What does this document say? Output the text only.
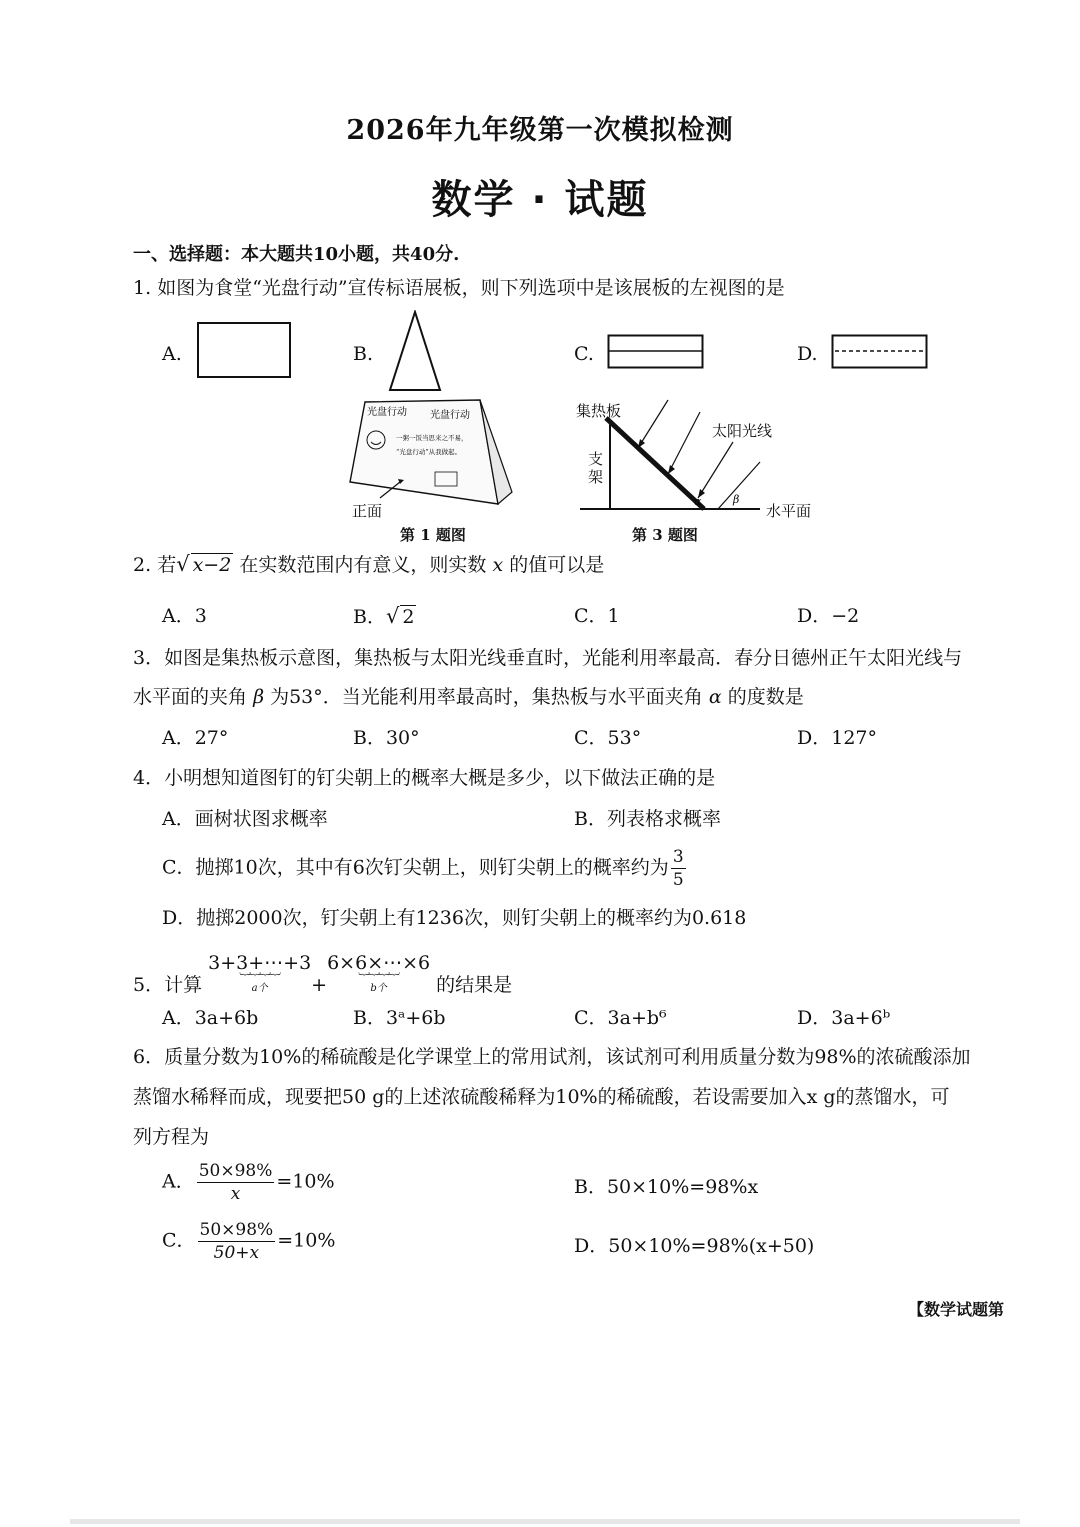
2026年九年级第一次模拟检测
数学 · 试题
一、选择题：本大题共10小题，共40分.
1. 如图为食堂“光盘行动”宣传标语展板，则下列选项中是该展板的左视图的是
A.	B.	C.	D.
光盘行动 光盘行动
一粥一饭当思来之不易，
“光盘行动”从我做起。
正面
第 1 题图
α	β
集热板
太阳光线
支架
水平面
第 3 题图
2. 若√ x−2 在实数范围内有意义，则实数 x 的值可以是
A．3	B．√ 2	C．1	D．−2
3．如图是集热板示意图，集热板与太阳光线垂直时，光能利用率最高．春分日德州正午太阳光线与
水平面的夹角 β 为53°．当光能利用率最高时，集热板与水平面夹角 α 的度数是
A．27°	B．30°	C．53°	D．127°
4．小明想知道图钉的钉尖朝上的概率大概是多少，以下做法正确的是
A．画树状图求概率	B．列表格求概率
C．抛掷10次，其中有6次钉尖朝上，则钉尖朝上的概率约为 $\frac{3}{5}$
D．抛掷2000次，钉尖朝上有1236次，则钉尖朝上的概率约为0.618
5．计算 3+3+⋯+3
︸︸︸︸
a个	+6×6×⋯×6
︸︸︸︸
b个	的结果是
A．3a+6b	B．3ᵃ+6b	C．3a+b⁶	D．3a+6ᵇ
6．质量分数为10%的稀硫酸是化学课堂上的常用试剂，该试剂可利用质量分数为98%的浓硫酸添加
蒸馏水稀释而成，现要把50 g的上述浓硫酸稀释为10%的稀硫酸，若设需要加入x g的蒸馏水，可
列方程为
A． $\frac{50\times 98\%}{x} =10\%$	B．50×10%=98%x
C． $\frac{50\times 98\%}{50+x} =10\%$	D．50×10%=98%(x+50)
【数学试题第
